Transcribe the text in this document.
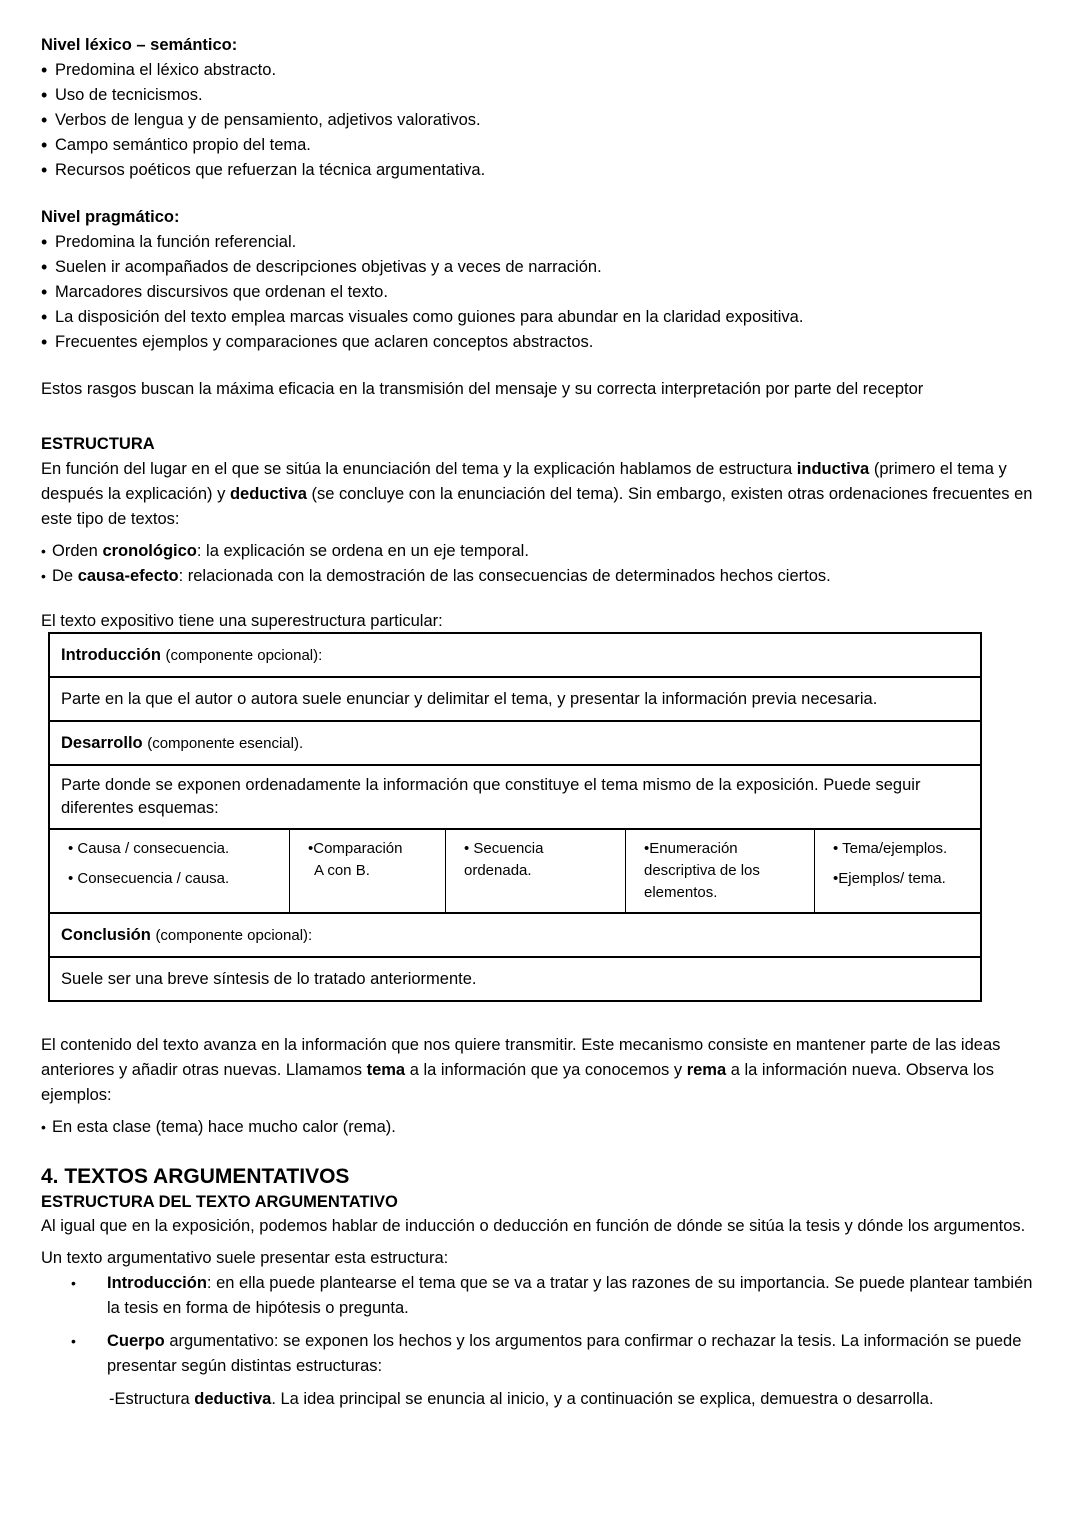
Nivel léxico – semántico:
• Predomina el léxico abstracto.
• Uso de tecnicismos.
• Verbos de lengua y de pensamiento, adjetivos valorativos.
• Campo semántico propio del tema.
• Recursos poéticos que refuerzan la técnica argumentativa.
Nivel pragmático:
• Predomina la función referencial.
• Suelen ir acompañados de descripciones objetivas y a veces de narración.
• Marcadores discursivos que ordenan el texto.
• La disposición del texto emplea marcas visuales como guiones para abundar en la claridad expositiva.
• Frecuentes ejemplos y comparaciones que aclaren conceptos abstractos.

Estos rasgos buscan la máxima eficacia en la transmisión del mensaje y su correcta interpretación por parte del receptor

ESTRUCTURA

En función del lugar en el que se sitúa la enunciación del tema y la explicación hablamos de estructura inductiva (primero el tema y después la explicación) y deductiva (se concluye con la enunciación del tema). Sin embargo, existen otras ordenaciones frecuentes en este tipo de textos:

• Orden cronológico: la explicación se ordena en un eje temporal.
• De causa-efecto: relacionada con la demostración de las consecuencias de determinados hechos ciertos.

El texto expositivo tiene una superestructura particular:

Introducción (componente opcional):
Parte en la que el autor o autora suele enunciar y delimitar el tema, y presentar la información previa necesaria.
Desarrollo (componente esencial).
Parte donde se exponen ordenadamente la información que constituye el tema mismo de la exposición. Puede seguir diferentes esquemas:

• Causa / consecuencia.
• Consecuencia / causa.

•Comparación
A con B.

• Secuencia
ordenada.

•Enumeración
descriptiva de los
elementos.

• Tema/ejemplos.
•Ejemplos/ tema.

Conclusión (componente opcional):
Suele ser una breve síntesis de lo tratado anteriormente.

El contenido del texto avanza en la información que nos quiere transmitir. Este mecanismo consiste en mantener parte de las ideas anteriores y añadir otras nuevas. Llamamos tema a la información que ya conocemos y rema a la información nueva. Observa los ejemplos:

• En esta clase (tema) hace mucho calor (rema).
4. TEXTOS ARGUMENTATIVOS
ESTRUCTURA DEL TEXTO ARGUMENTATIVO

Al igual que en la exposición, podemos hablar de inducción o deducción en función de dónde se sitúa la tesis y dónde los argumentos.

Un texto argumentativo suele presentar esta estructura:

• Introducción: en ella puede plantearse el tema que se va a tratar y las razones de su importancia. Se puede plantear también la tesis en forma de hipótesis o pregunta.
• Cuerpo argumentativo: se exponen los hechos y los argumentos para confirmar o rechazar la tesis. La información se puede presentar según distintas estructuras:

-Estructura deductiva. La idea principal se enuncia al inicio, y a continuación se explica, demuestra o desarrolla.
